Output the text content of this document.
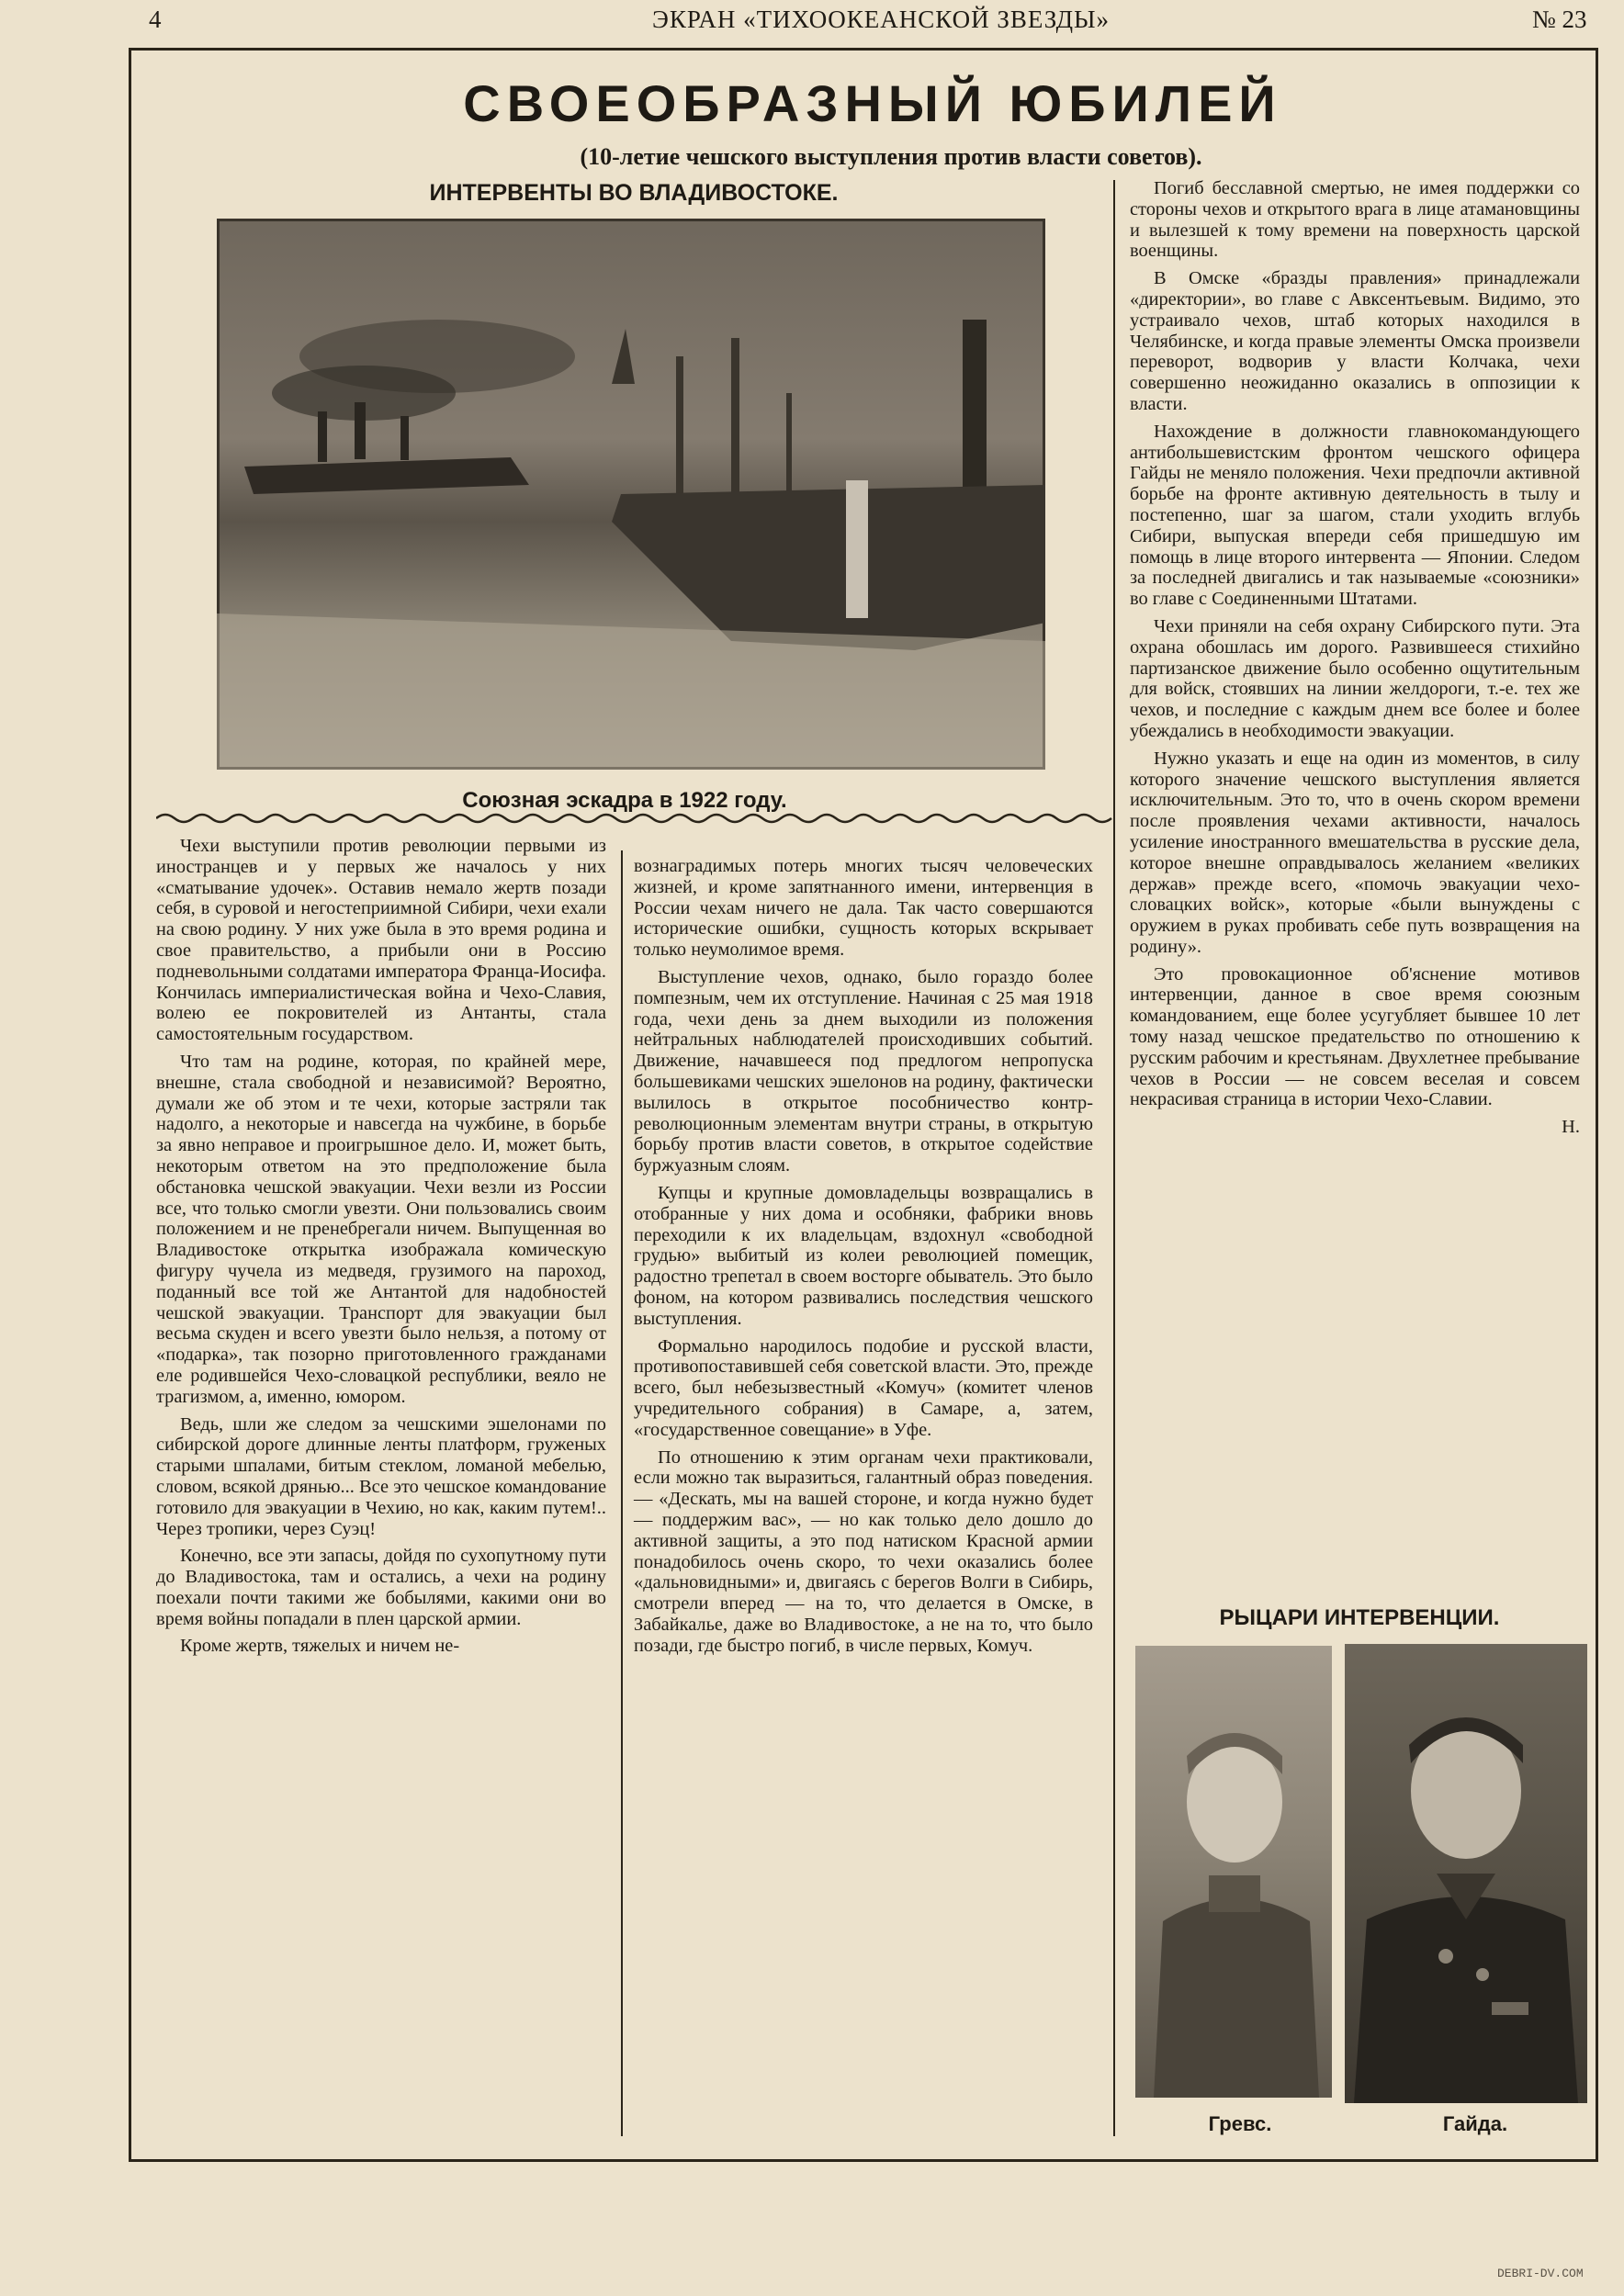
4	ЭКРАН «ТИХООКЕАНСКОЙ ЗВЕЗДЫ»	№ 23
СВОЕОБРАЗНЫЙ ЮБИЛЕЙ
(10-летие чешского выступления против власти советов).
ИНТЕРВЕНТЫ ВО ВЛАДИВОСТОКЕ.
Союзная эскадра в 1922 году.

Чехи выступили против революции первыми из иностранцев и у первых же началось у них «сматывание удочек». Оставив немало жертв позади себя, в суровой и негостеприимной Сибири, чехи ехали на свою родину. У них уже была в это время родина и свое правительство, а прибыли они в Россию подневольными солдатами императора Франца-Иосифа. Кончилась империалистическая война и Чехо-Славия, волею ее покровителей из Антанты, стала самостоятельным государством.

Что там на родине, которая, по крайней мере, внешне, стала свободной и независимой? Вероятно, думали же об этом и те чехи, которые застряли так надолго, а некоторые и навсегда на чужбине, в борьбе за явно неправое и проигрышное дело. И, может быть, некоторым ответом на это предположение была обстановка чешской эвакуации. Чехи везли из России все, что только смогли увезти. Они пользовались своим положением и не пренебрегали ничем. Выпущенная во Владивостоке открытка изображала комическую фигуру чучела из медведя, грузимого на пароход, поданный все той же Антантой для надобностей чешской эвакуации. Транспорт для эвакуации был весьма скуден и всего увезти было нельзя, а потому от «подарка», так позорно приготовленного гражданами еле родившейся Чехо-словацкой республики, веяло не трагизмом, а, именно, юмором.

Ведь, шли же следом за чешскими эшелонами по сибирской дороге длинные ленты платформ, груженых старыми шпалами, битым стеклом, ломаной мебелью, словом, всякой дрянью... Все это чешское командование готовило для эвакуации в Чехию, но как, каким путем!.. Через тропики, через Суэц!

Конечно, все эти запасы, дойдя по сухопутному пути до Владивостока, там и остались, а чехи на родину поехали почти такими же бобылями, какими они во время войны попадали в плен царской армии.

Кроме жертв, тяжелых и ничем не-

вознаградимых потерь многих тысяч человеческих жизней, и кроме запятнанного имени, интервенция в России чехам ничего не дала. Так часто совершаются исторические ошибки, сущность которых вскрывает только неумолимое время.

Выступление чехов, однако, было гораздо более помпезным, чем их отступление. Начиная с 25 мая 1918 года, чехи день за днем выходили из положения нейтральных наблюдателей происходивших событий. Движение, начавшееся под предлогом непропуска большевиками чешских эшелонов на родину, фактически вылилось в открытое пособничество контр-революционным элементам внутри страны, в открытую борьбу против власти советов, в открытое содействие буржуазным слоям.

Купцы и крупные домовладельцы возвращались в отобранные у них дома и особняки, фабрики вновь переходили к их владельцам, вздохнул «свободной грудью» выбитый из колеи революцией помещик, радостно трепетал в своем восторге обыватель. Это было фоном, на котором развивались последствия чешского выступления.

Формально народилось подобие и русской власти, противопоставившей себя советской власти. Это, прежде всего, был небезызвестный «Комуч» (комитет членов учредительного собрания) в Самаре, а, затем, «государственное совещание» в Уфе.

По отношению к этим органам чехи практиковали, если можно так выразиться, галантный образ поведения. — «Дескать, мы на вашей стороне, и когда нужно будет — поддержим вас», — но как только дело дошло до активной защиты, а это под натиском Красной армии понадобилось очень скоро, то чехи оказались более «дальновидными» и, двигаясь с берегов Волги в Сибирь, смотрели вперед — на то, что делается в Омске, в Забайкалье, даже во Владивостоке, а не на то, что было позади, где быстро погиб, в числе первых, Комуч.

Погиб бесславной смертью, не имея поддержки со стороны чехов и открытого врага в лице атамановщины и вылезшей к тому времени на поверхность царской военщины.

В Омске «бразды правления» принадлежали «директории», во главе с Авксентьевым. Видимо, это устраивало чехов, штаб которых находился в Челябинске, и когда правые элементы Омска произвели переворот, водворив у власти Колчака, чехи совершенно неожиданно оказались в оппозиции к власти.

Нахождение в должности главнокомандующего антибольшевистским фронтом чешского офицера Гайды не меняло положения. Чехи предпочли активной борьбе на фронте активную деятельность в тылу и постепенно, шаг за шагом, стали уходить вглубь Сибири, выпуская впереди себя пришедшую им помощь в лице второго интервента — Японии. Следом за последней двигались и так называемые «союзники» во главе с Соединенными Штатами.

Чехи приняли на себя охрану Сибирского пути. Эта охрана обошлась им дорого. Развившееся стихийно партизанское движение было особенно ощутительным для войск, стоявших на линии желдороги, т.-е. тех же чехов, и последние с каждым днем все более и более убеждались в необходимости эвакуации.

Нужно указать и еще на один из моментов, в силу которого значение чешского выступления является исключительным. Это то, что в очень скором времени после проявления чехами активности, началось усиление иностранного вмешательства в русские дела, которое внешне оправдывалось желанием «великих держав» прежде всего, «помочь эвакуации чехо-словацких войск», которые «были вынуждены с оружием в руках пробивать себе путь возвращения на родину».

Это провокационное об'яснение мотивов интервенции, данное в свое время союзным командованием, еще более усугубляет бывшее 10 лет тому назад чешское предательство по отношению к русским рабочим и крестьянам. Двухлетнее пребывание чехов в России — не совсем веселая и совсем некрасивая страница в истории Чехо-Славии.

Н.

РЫЦАРИ ИНТЕРВЕНЦИИ.
Гревс.	Гайда.
DEBRI-DV.COM
